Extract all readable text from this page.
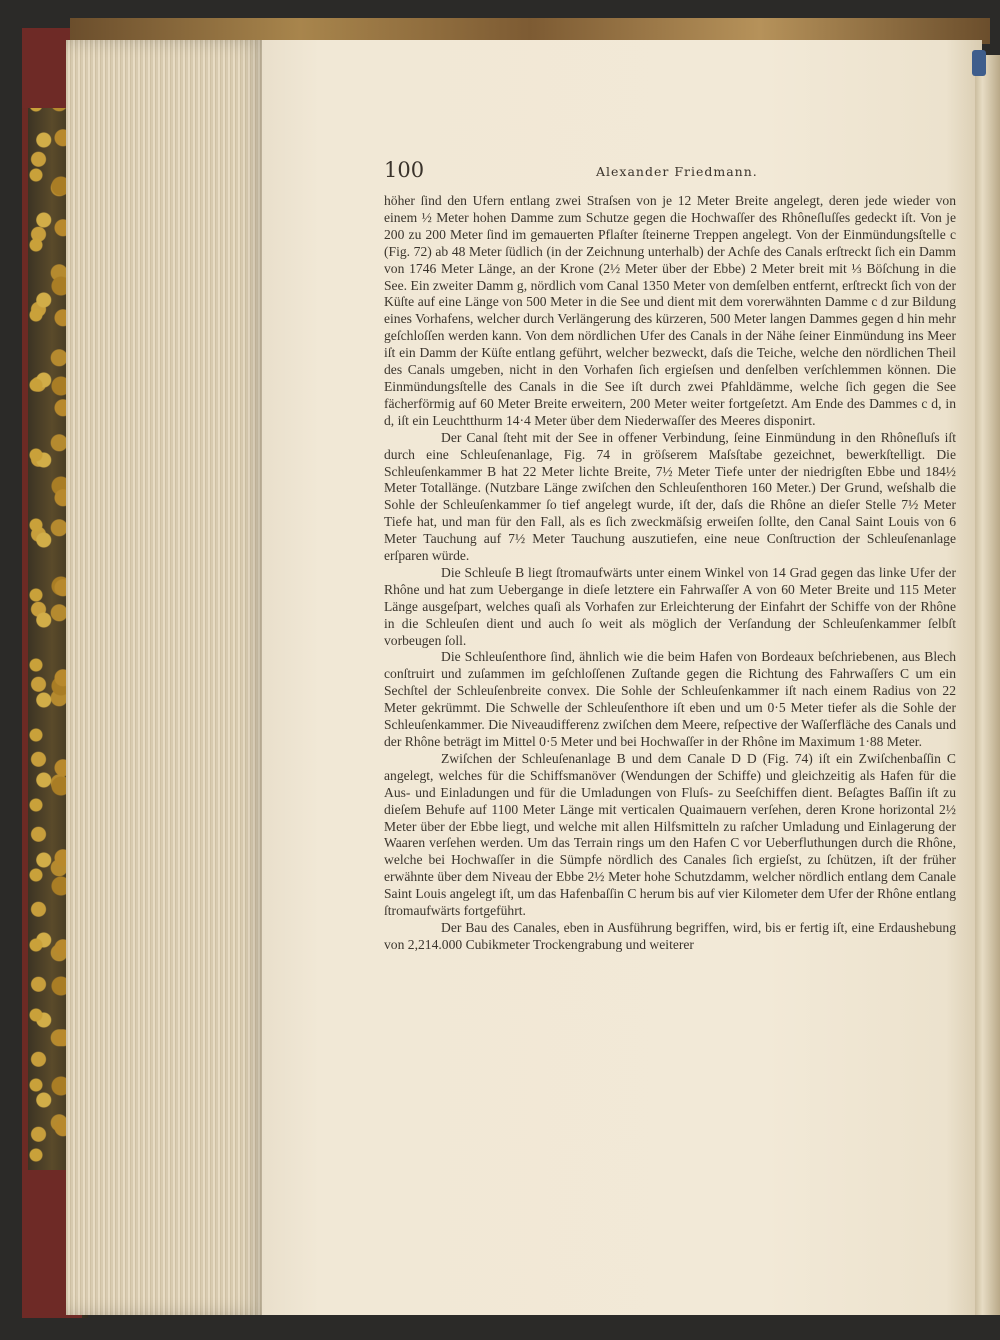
100	Alexander Friedmann.

höher ſind den Ufern entlang zwei Straſsen von je 12 Meter Breite angelegt, deren jede wieder von einem ½ Meter hohen Damme zum Schutze gegen die Hochwaſſer des Rhôneſluſſes gedeckt iſt. Von je 200 zu 200 Meter ſind im gemauerten Pflaſter ſteinerne Treppen angelegt. Von der Einmündungsſtelle c (Fig. 72) ab 48 Meter ſüdlich (in der Zeichnung unterhalb) der Achſe des Canals erſtreckt ſich ein Damm von 1746 Meter Länge, an der Krone (2½ Meter über der Ebbe) 2 Meter breit mit ⅓ Böſchung in die See. Ein zweiter Damm g, nördlich vom Canal 1350 Meter von demſelben entfernt, erſtreckt ſich von der Küſte auf eine Länge von 500 Meter in die See und dient mit dem vorerwähnten Damme c d zur Bildung eines Vorhafens, welcher durch Verlängerung des kürzeren, 500 Meter langen Dammes gegen d hin mehr geſchloſſen werden kann. Von dem nördlichen Ufer des Canals in der Nähe ſeiner Einmündung ins Meer iſt ein Damm der Küſte entlang geführt, welcher bezweckt, daſs die Teiche, welche den nördlichen Theil des Canals umgeben, nicht in den Vorhafen ſich ergieſsen und denſelben verſchlemmen können. Die Einmündungsſtelle des Canals in die See iſt durch zwei Pfahldämme, welche ſich gegen die See fächerförmig auf 60 Meter Breite erweitern, 200 Meter weiter fortgeſetzt. Am Ende des Dammes c d, in d, iſt ein Leuchtthurm 14·4 Meter über dem Niederwaſſer des Meeres disponirt.

Der Canal ſteht mit der See in offener Verbindung, ſeine Einmündung in den Rhôneſluſs iſt durch eine Schleuſenanlage, Fig. 74 in gröſserem Maſsſtabe gezeichnet, bewerkſtelligt. Die Schleuſenkammer B hat 22 Meter lichte Breite, 7½ Meter Tiefe unter der niedrigſten Ebbe und 184½ Meter Totallänge. (Nutzbare Länge zwiſchen den Schleuſenthoren 160 Meter.) Der Grund, weſshalb die Sohle der Schleuſenkammer ſo tief angelegt wurde, iſt der, daſs die Rhône an dieſer Stelle 7½ Meter Tiefe hat, und man für den Fall, als es ſich zweckmäſsig erweiſen ſollte, den Canal Saint Louis von 6 Meter Tauchung auf 7½ Meter Tauchung auszutiefen, eine neue Conſtruction der Schleuſenanlage erſparen würde.

Die Schleuſe B liegt ſtromaufwärts unter einem Winkel von 14 Grad gegen das linke Ufer der Rhône und hat zum Uebergange in dieſe letztere ein Fahrwaſſer A von 60 Meter Breite und 115 Meter Länge ausgeſpart, welches quaſi als Vorhafen zur Erleichterung der Einfahrt der Schiffe von der Rhône in die Schleuſen dient und auch ſo weit als möglich der Verſandung der Schleuſenkammer ſelbſt vorbeugen ſoll.

Die Schleuſenthore ſind, ähnlich wie die beim Hafen von Bordeaux beſchriebenen, aus Blech conſtruirt und zuſammen im geſchloſſenen Zuſtande gegen die Richtung des Fahrwaſſers C um ein Sechſtel der Schleuſenbreite convex. Die Sohle der Schleuſenkammer iſt nach einem Radius von 22 Meter gekrümmt. Die Schwelle der Schleuſenthore iſt eben und um 0·5 Meter tiefer als die Sohle der Schleuſenkammer. Die Niveaudifferenz zwiſchen dem Meere, reſpective der Waſſerfläche des Canals und der Rhône beträgt im Mittel 0·5 Meter und bei Hochwaſſer in der Rhône im Maximum 1·88 Meter.

Zwiſchen der Schleuſenanlage B und dem Canale D D (Fig. 74) iſt ein Zwiſchenbaſſin C angelegt, welches für die Schiffsmanöver (Wendungen der Schiffe) und gleichzeitig als Hafen für die Aus- und Einladungen und für die Umladungen von Fluſs- zu Seeſchiffen dient. Beſagtes Baſſin iſt zu dieſem Behufe auf 1100 Meter Länge mit verticalen Quaimauern verſehen, deren Krone horizontal 2½ Meter über der Ebbe liegt, und welche mit allen Hilfsmitteln zu raſcher Umladung und Einlagerung der Waaren verſehen werden. Um das Terrain rings um den Hafen C vor Ueberfluthungen durch die Rhône, welche bei Hochwaſſer in die Sümpfe nördlich des Canales ſich ergieſst, zu ſchützen, iſt der früher erwähnte über dem Niveau der Ebbe 2½ Meter hohe Schutzdamm, welcher nördlich entlang dem Canale Saint Louis angelegt iſt, um das Hafenbaſſin C herum bis auf vier Kilometer dem Ufer der Rhône entlang ſtromaufwärts fortgeführt.

Der Bau des Canales, eben in Ausführung begriffen, wird, bis er fertig iſt, eine Erdaushebung von 2,214.000 Cubikmeter Trockengrabung und weiterer
